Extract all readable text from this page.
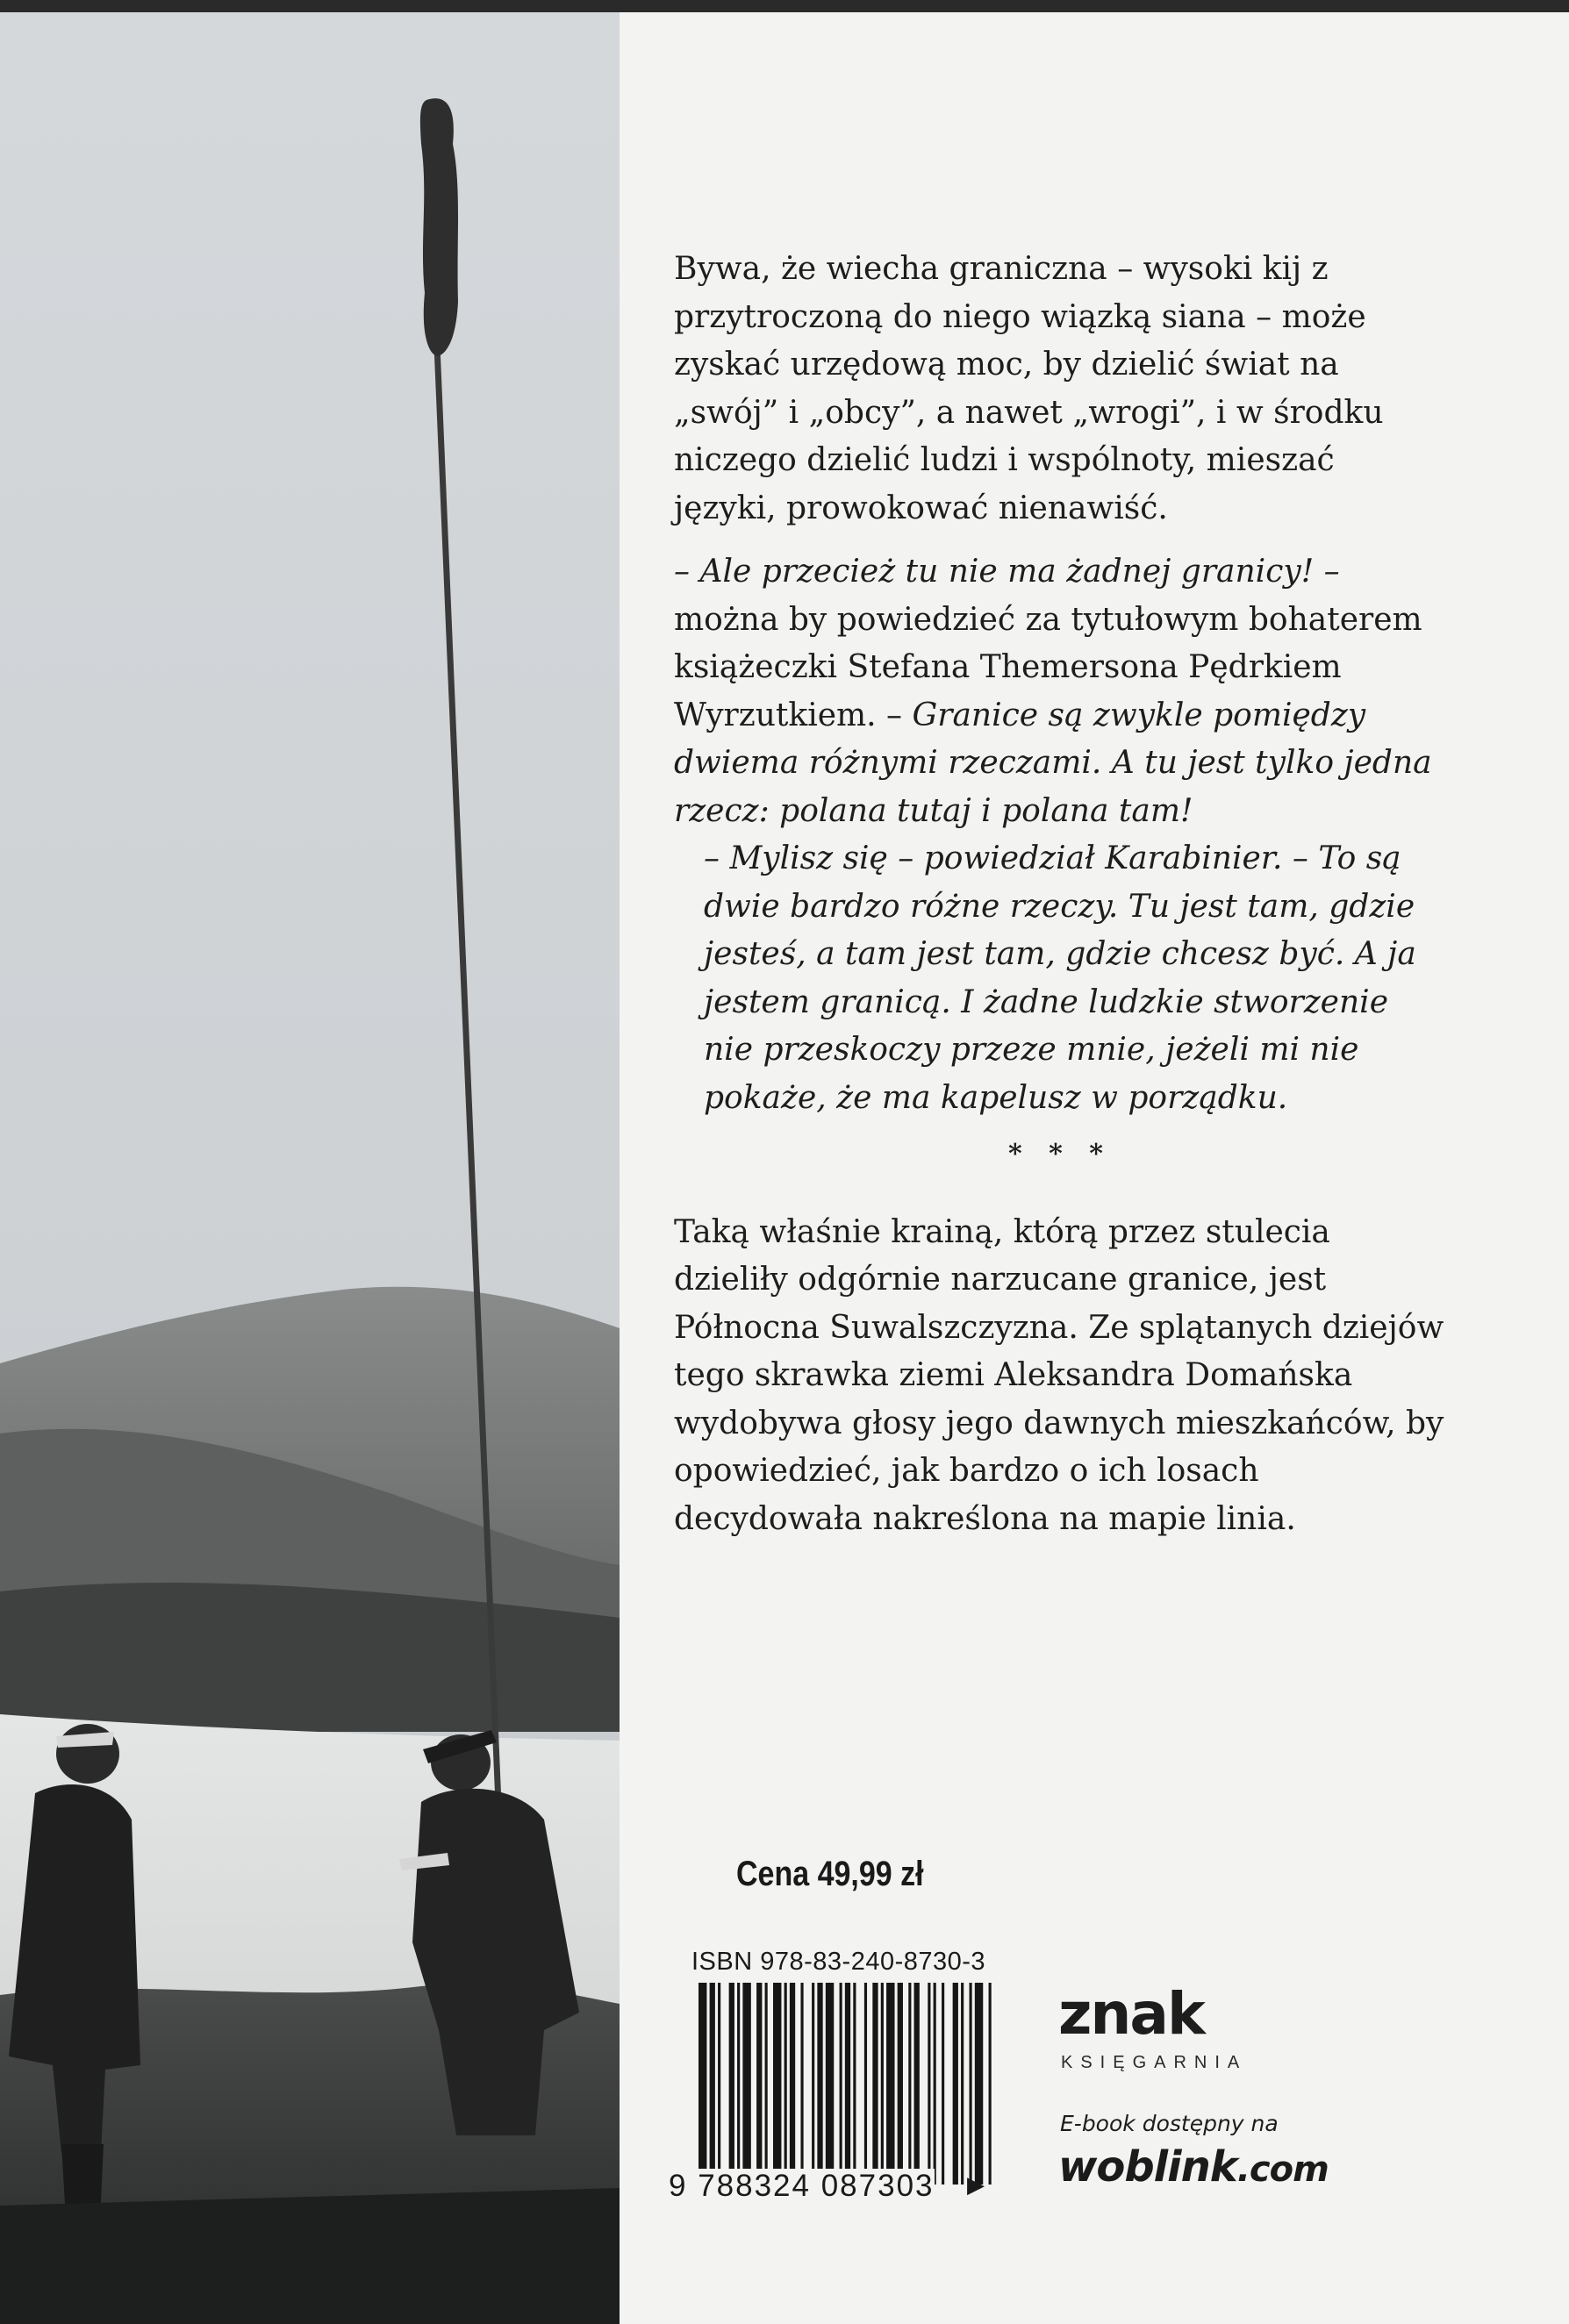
Bywa, że wiecha graniczna – wysoki kij z przytroczoną do niego wiązką siana – może zyskać urzędową moc, by dzielić świat na „swój” i „obcy”, a nawet „wrogi”, i w środku niczego dzielić ludzi i wspólnoty, mieszać języki, prowokować nienawiść.

– Ale przecież tu nie ma żadnej granicy! – można by powiedzieć za tytułowym bohaterem książeczki Stefana Themersona Pędrkiem Wyrzutkiem. – Granice są zwykle pomiędzy dwiema różnymi rzeczami. A tu jest tylko jedna rzecz: polana tutaj i polana tam!

– Mylisz się – powiedział Karabinier. – To są dwie bardzo różne rzeczy. Tu jest tam, gdzie jesteś, a tam jest tam, gdzie chcesz być. A ja jestem granicą. I żadne ludzkie stworzenie nie przeskoczy przeze mnie, jeżeli mi nie pokaże, że ma kapelusz w porządku.

* * *

Taką właśnie krainą, którą przez stulecia dzieliły odgórnie narzucane granice, jest Północna Suwalszczyzna. Ze splątanych dziejów tego skrawka ziemi Aleksandra Domańska wydobywa głosy jego dawnych mieszkańców, by opowiedzieć, jak bardzo o ich losach decydowała nakreślona na mapie linia.

Cena 49,99 zł
ISBN 978-83-240-8730-3
9 788324 087303 ▶
znak
KSIĘGARNIA
E-book dostępny na
woblink.com
